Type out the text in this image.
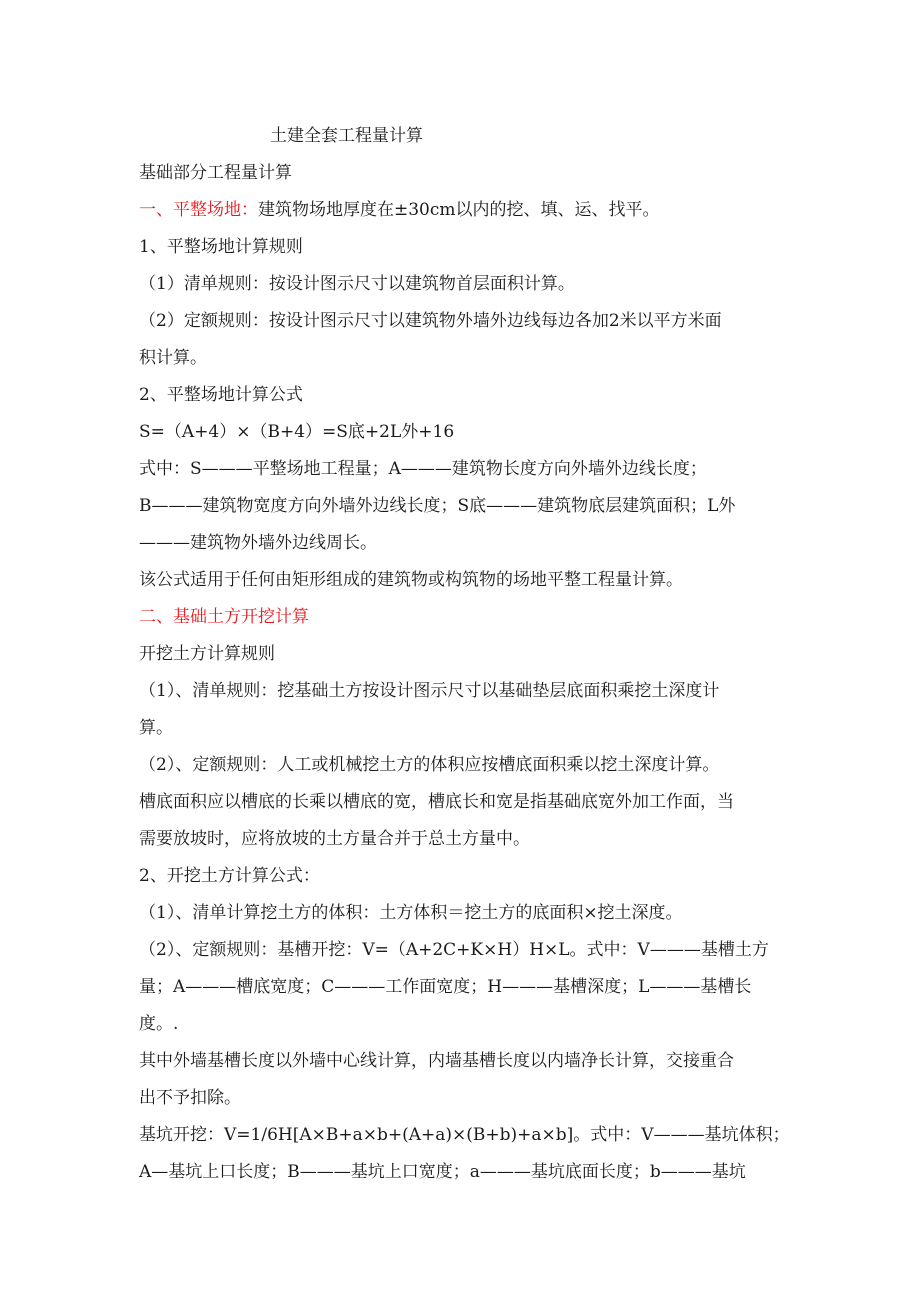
土建全套工程量计算
基础部分工程量计算
一、平整场地：建筑物场地厚度在±30cm以内的挖、填、运、找平。
1、平整场地计算规则
（1）清单规则：按设计图示尺寸以建筑物首层面积计算。
（2）定额规则：按设计图示尺寸以建筑物外墙外边线每边各加2米以平方米面
积计算。
2、平整场地计算公式
S=（A+4）×（B+4）=S底+2L外+16
式中：S———平整场地工程量；A———建筑物长度方向外墙外边线长度；
B———建筑物宽度方向外墙外边线长度；S底———建筑物底层建筑面积；L外
———建筑物外墙外边线周长。
该公式适用于任何由矩形组成的建筑物或构筑物的场地平整工程量计算。
二、基础土方开挖计算
开挖土方计算规则
（1）、清单规则：挖基础土方按设计图示尺寸以基础垫层底面积乘挖土深度计
算。
（2）、定额规则：人工或机械挖土方的体积应按槽底面积乘以挖土深度计算。
槽底面积应以槽底的长乘以槽底的宽，槽底长和宽是指基础底宽外加工作面，当
需要放坡时，应将放坡的土方量合并于总土方量中。
2、开挖土方计算公式：
（1）、清单计算挖土方的体积：土方体积＝挖土方的底面积×挖土深度。
（2）、定额规则：基槽开挖：V=（A+2C+K×H）H×L。式中：V———基槽土方
量；A———槽底宽度；C———工作面宽度；H———基槽深度；L———基槽长
度。.
其中外墙基槽长度以外墙中心线计算，内墙基槽长度以内墙净长计算，交接重合
出不予扣除。
基坑开挖：V=1/6H[A×B+a×b+(A+a)×(B+b)+a×b]。式中：V———基坑体积；
A—基坑上口长度；B———基坑上口宽度；a———基坑底面长度；b———基坑
